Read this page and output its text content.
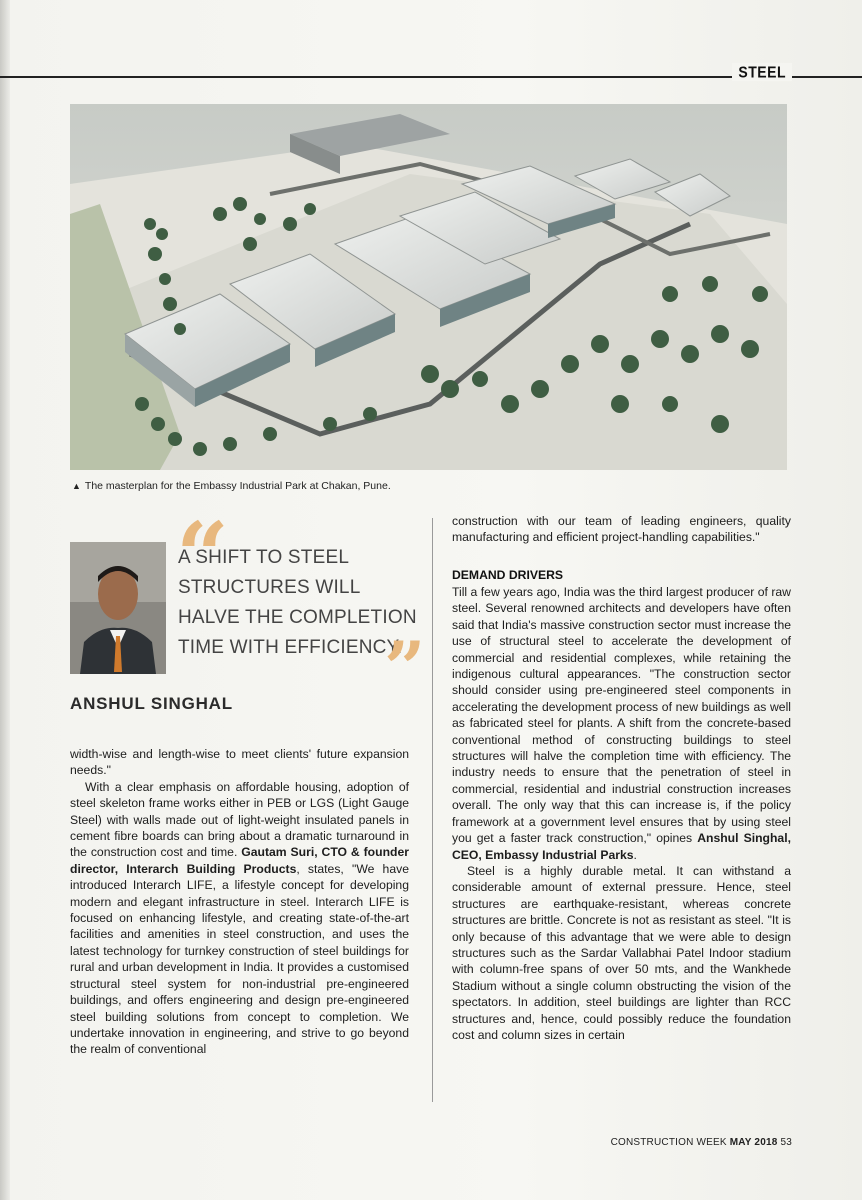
STEEL
▲ The masterplan for the Embassy Industrial Park at Chakan, Pune.
“
A SHIFT TO STEEL
STRUCTURES WILL
HALVE THE COMPLETION
TIME WITH EFFICIENCY.
”
ANSHUL SINGHAL

width-wise and length-wise to meet clients' future expansion needs."

With a clear emphasis on affordable housing, adoption of steel skeleton frame works either in PEB or LGS (Light Gauge Steel) with walls made out of light-weight insulated panels in cement fibre boards can bring about a dramatic turnaround in the construction cost and time. Gautam Suri, CTO & founder director, Interarch Building Products, states, "We have introduced Interarch LIFE, a lifestyle concept for developing modern and elegant infrastructure in steel. Interarch LIFE is focused on enhancing lifestyle, and creating state-of-the-art facilities and amenities in steel construction, and uses the latest technology for turnkey construction of steel buildings for rural and urban development in India. It provides a customised structural steel system for non-industrial pre-engineered buildings, and offers engineering and design pre-engineered steel building solutions from concept to completion. We undertake innovation in engineering, and strive to go beyond the realm of conventional

construction with our team of leading engineers, quality manufacturing and efficient project-handling capabilities."

DEMAND DRIVERS

Till a few years ago, India was the third largest producer of raw steel. Several renowned architects and developers have often said that India's massive construction sector must increase the use of structural steel to accelerate the development of commercial and residential complexes, while retaining the indigenous cultural appearances. "The construction sector should consider using pre-engineered steel components in accelerating the development process of new buildings as well as fabricated steel for plants. A shift from the concrete-based conventional method of constructing buildings to steel structures will halve the completion time with efficiency. The industry needs to ensure that the penetration of steel in commercial, residential and industrial construction increases overall. The only way that this can increase is, if the policy framework at a government level ensures that by using steel you get a faster track construction," opines Anshul Singhal, CEO, Embassy Industrial Parks.

Steel is a highly durable metal. It can withstand a considerable amount of external pressure. Hence, steel structures are earthquake-resistant, whereas concrete structures are brittle. Concrete is not as resistant as steel. "It is only because of this advantage that we were able to design structures such as the Sardar Vallabhai Patel Indoor stadium with column-free spans of over 50 mts, and the Wankhede Stadium without a single column obstructing the vision of the spectators. In addition, steel buildings are lighter than RCC structures and, hence, could possibly reduce the foundation cost and column sizes in certain

CONSTRUCTION WEEK MAY 2018 53
